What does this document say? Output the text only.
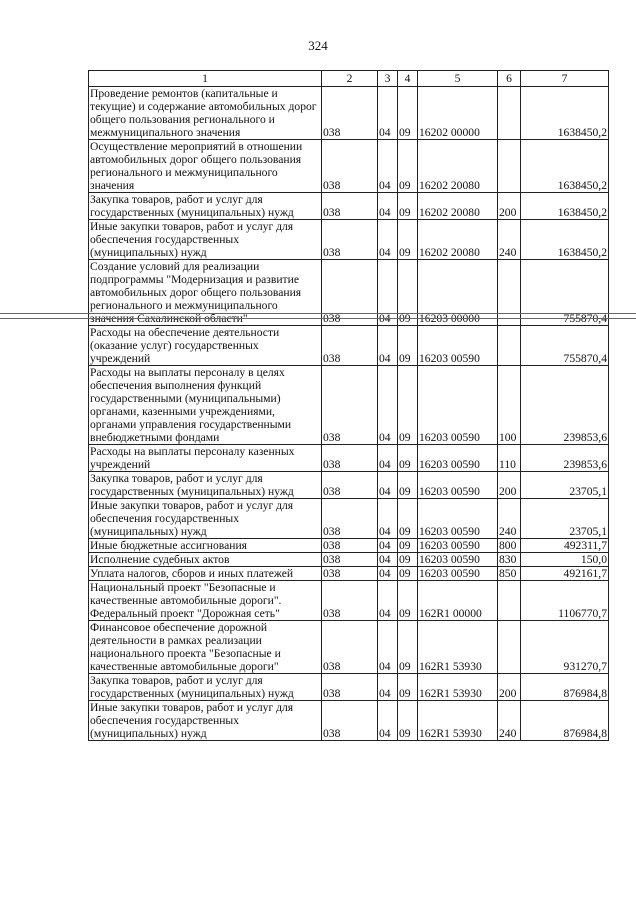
324
1	2	3	4	5	6	7
Проведение ремонтов (капитальные и текущие) и содержание автомобильных дорог общего пользования регионального и межмуниципального значения	038	04	09	16202 00000		1638450,2
Осуществление мероприятий в отношении автомобильных дорог общего пользования регионального и межмуниципального значения	038	04	09	16202 20080		1638450,2
Закупка товаров, работ и услуг для государственных (муниципальных) нужд	038	04	09	16202 20080	200	1638450,2
Иные закупки товаров, работ и услуг для обеспечения государственных (муниципальных) нужд	038	04	09	16202 20080	240	1638450,2
Создание условий для реализации подпрограммы "Модернизация и развитие автомобильных дорог общего пользования регионального и межмуниципального значения Сахалинской области"	038	04	09	16203 00000		755870,4
Расходы на обеспечение деятельности (оказание услуг) государственных учреждений	038	04	09	16203 00590		755870,4
Расходы на выплаты персоналу в целях обеспечения выполнения функций государственными (муниципальными) органами, казенными учреждениями, органами управления государственными внебюджетными фондами	038	04	09	16203 00590	100	239853,6
Расходы на выплаты персоналу казенных учреждений	038	04	09	16203 00590	110	239853,6
Закупка товаров, работ и услуг для государственных (муниципальных) нужд	038	04	09	16203 00590	200	23705,1
Иные закупки товаров, работ и услуг для обеспечения государственных (муниципальных) нужд	038	04	09	16203 00590	240	23705,1
Иные бюджетные ассигнования	038	04	09	16203 00590	800	492311,7
Исполнение судебных актов	038	04	09	16203 00590	830	150,0
Уплата налогов, сборов и иных платежей	038	04	09	16203 00590	850	492161,7
Национальный проект "Безопасные и качественные автомобильные дороги". Федеральный проект "Дорожная сеть"	038	04	09	162R1 00000		1106770,7
Финансовое обеспечение дорожной деятельности в рамках реализации национального проекта "Безопасные и качественные автомобильные дороги"	038	04	09	162R1 53930		931270,7
Закупка товаров, работ и услуг для государственных (муниципальных) нужд	038	04	09	162R1 53930	200	876984,8
Иные закупки товаров, работ и услуг для обеспечения государственных (муниципальных) нужд	038	04	09	162R1 53930	240	876984,8
